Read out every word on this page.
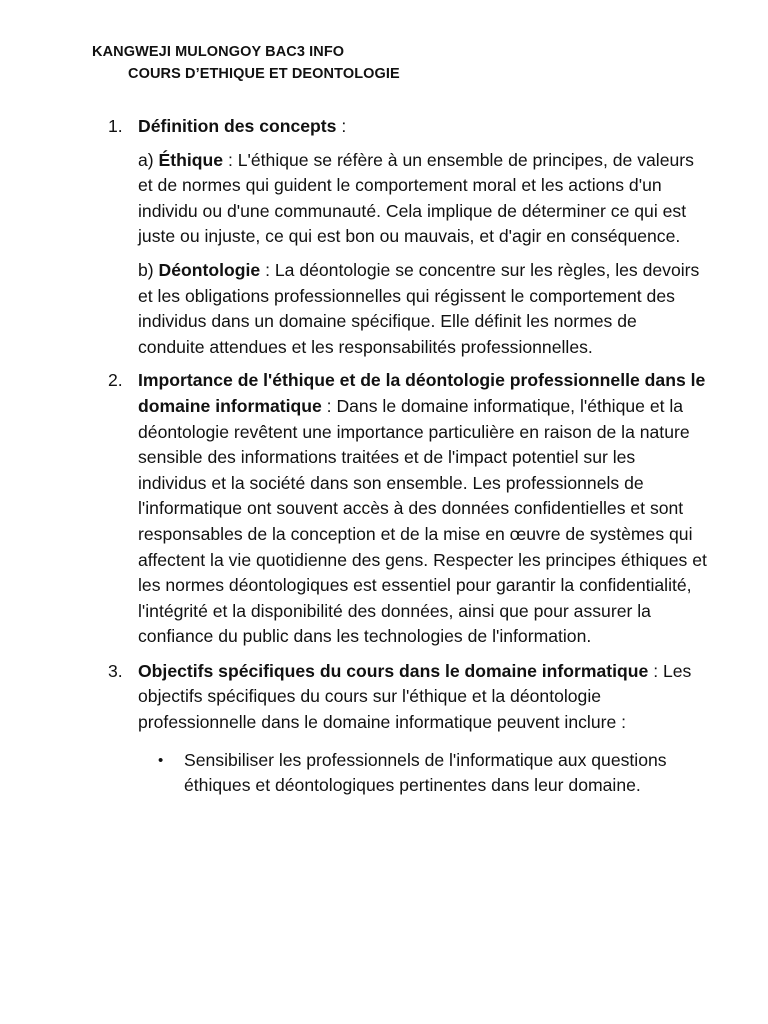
KANGWEJI MULONGOY BAC3 INFO
COURS D’ETHIQUE ET DEONTOLOGIE
1. Définition des concepts :

a) Éthique : L'éthique se réfère à un ensemble de principes, de valeurs et de normes qui guident le comportement moral et les actions d'un individu ou d'une communauté. Cela implique de déterminer ce qui est juste ou injuste, ce qui est bon ou mauvais, et d'agir en conséquence.

b) Déontologie : La déontologie se concentre sur les règles, les devoirs et les obligations professionnelles qui régissent le comportement des individus dans un domaine spécifique. Elle définit les normes de conduite attendues et les responsabilités professionnelles.

2. Importance de l'éthique et de la déontologie professionnelle dans le domaine informatique : Dans le domaine informatique, l'éthique et la déontologie revêtent une importance particulière en raison de la nature sensible des informations traitées et de l'impact potentiel sur les individus et la société dans son ensemble. Les professionnels de l'informatique ont souvent accès à des données confidentielles et sont responsables de la conception et de la mise en œuvre de systèmes qui affectent la vie quotidienne des gens. Respecter les principes éthiques et les normes déontologiques est essentiel pour garantir la confidentialité, l'intégrité et la disponibilité des données, ainsi que pour assurer la confiance du public dans les technologies de l'information.

3. Objectifs spécifiques du cours dans le domaine informatique : Les objectifs spécifiques du cours sur l'éthique et la déontologie professionnelle dans le domaine informatique peuvent inclure :

• Sensibiliser les professionnels de l'informatique aux questions éthiques et déontologiques pertinentes dans leur domaine.
